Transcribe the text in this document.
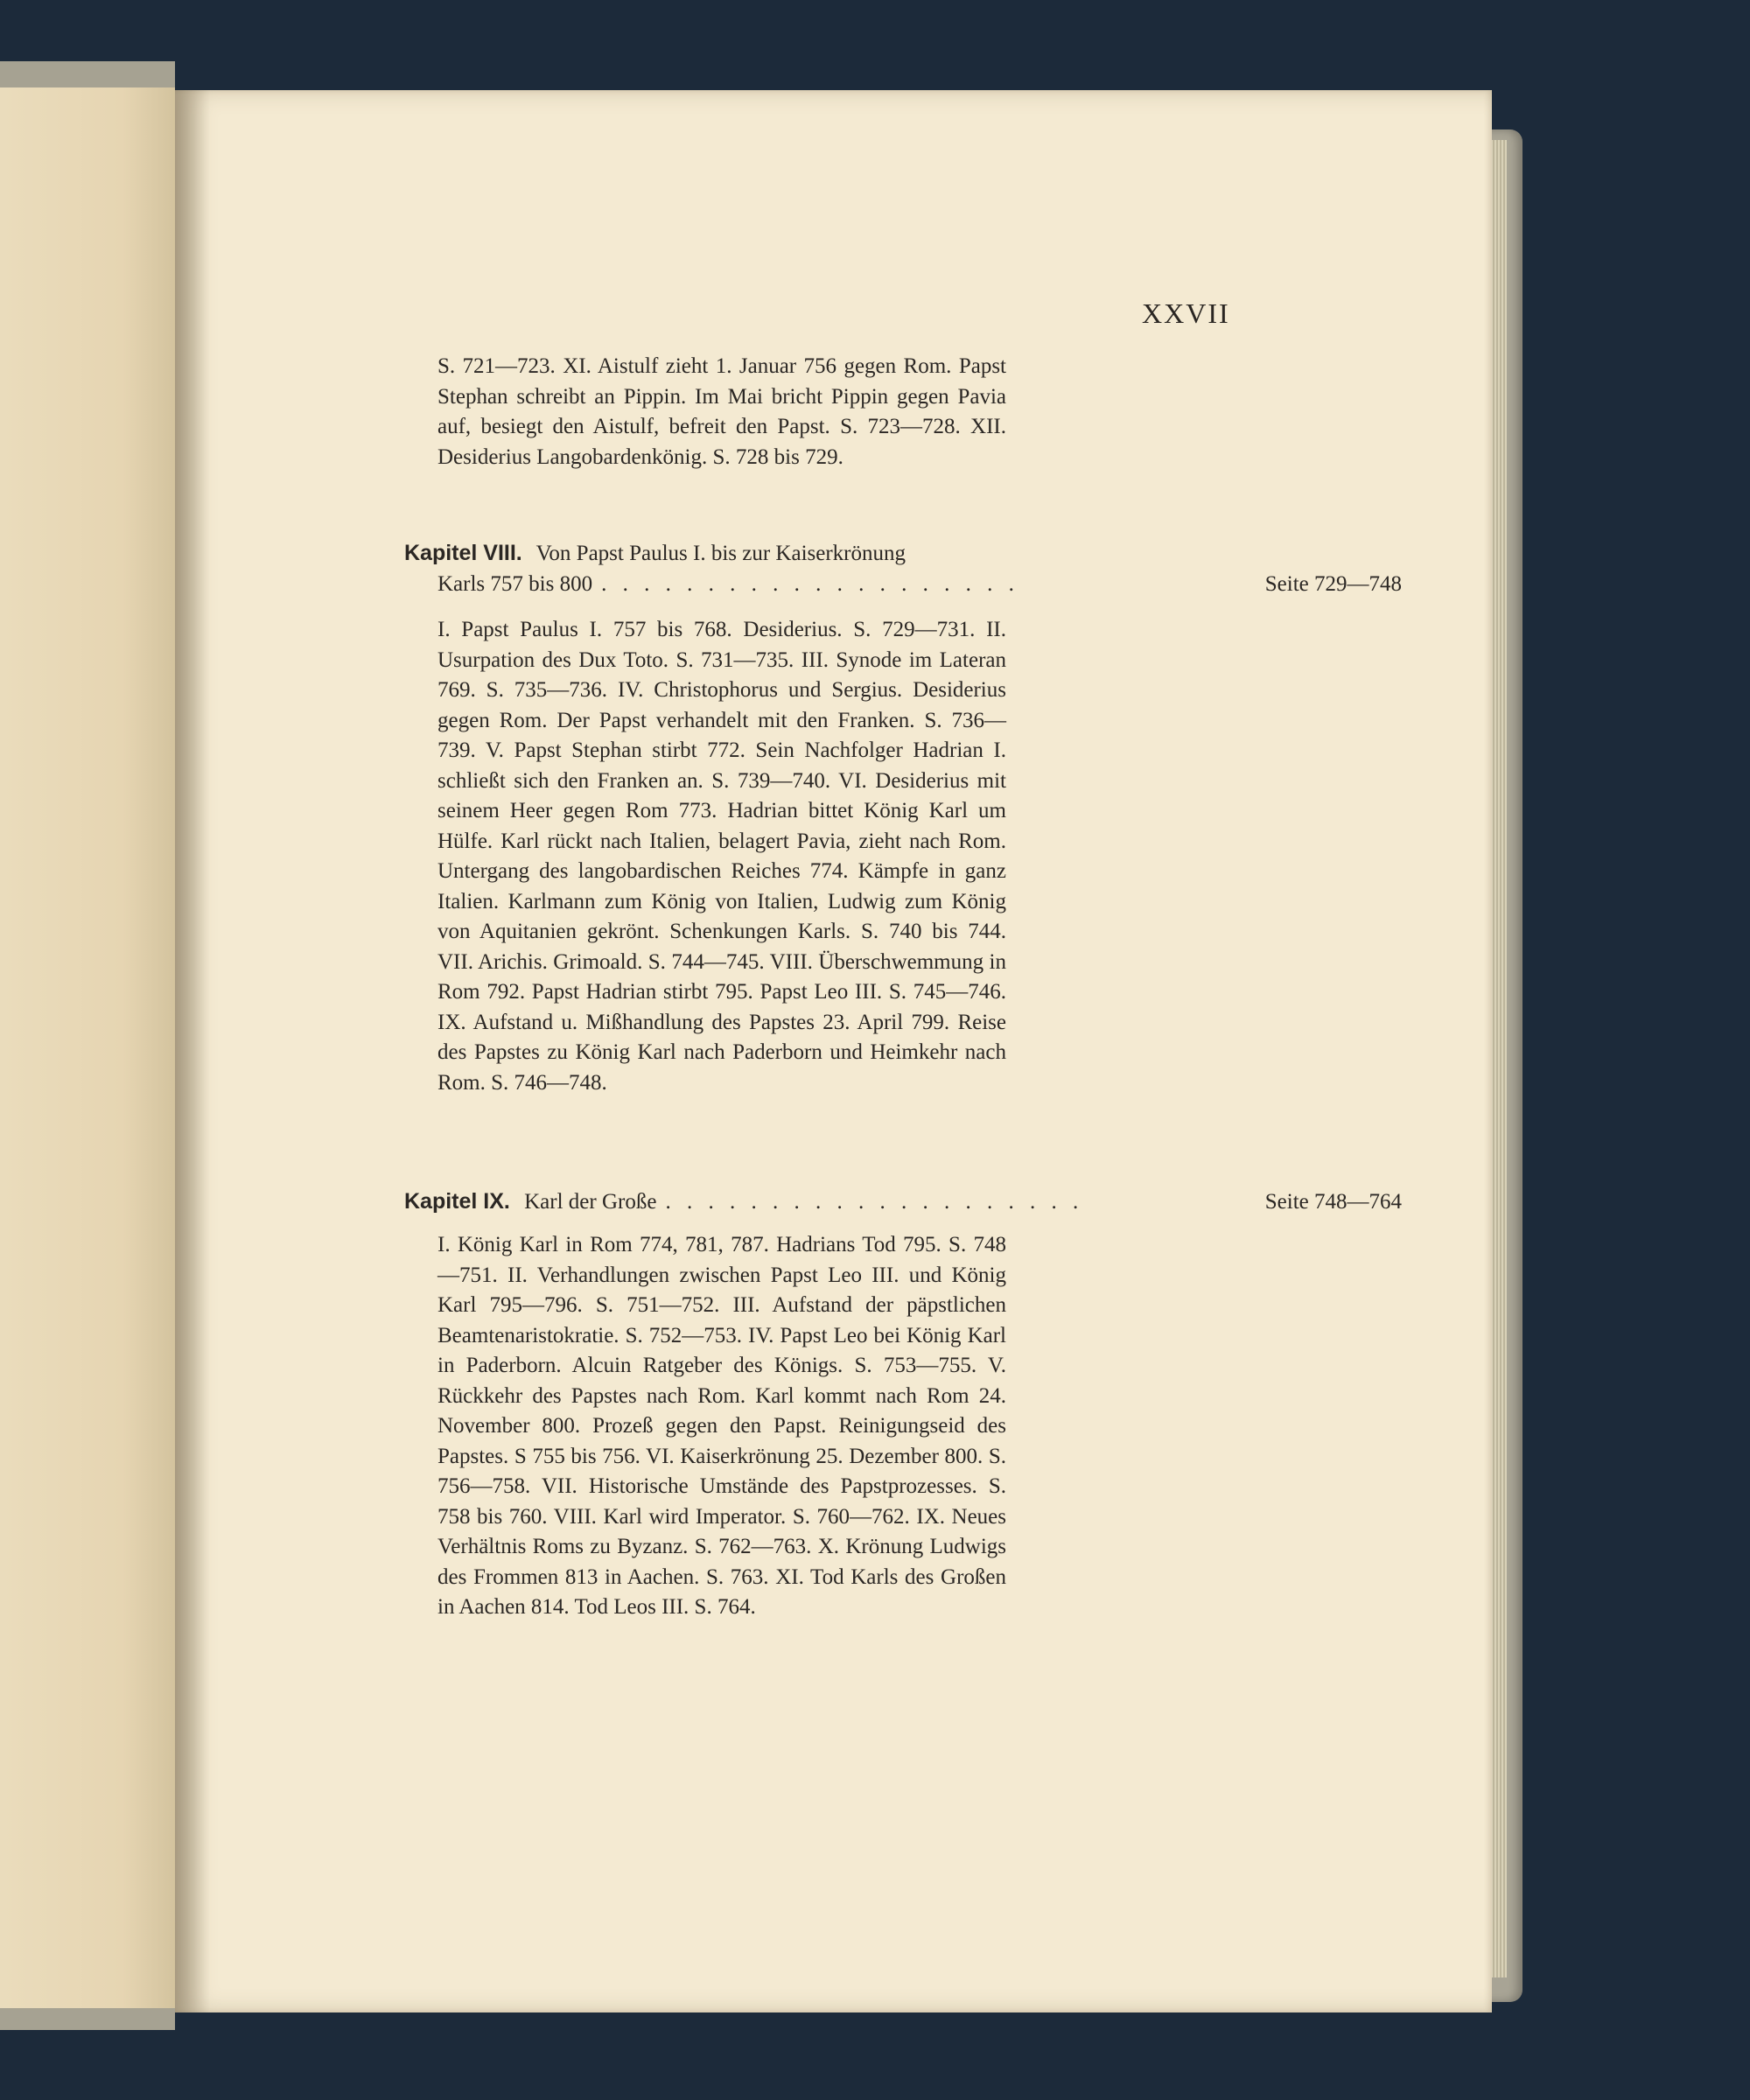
XXVII

S. 721—723. XI. Aistulf zieht 1. Januar 756 gegen Rom. Papst Stephan schreibt an Pippin. Im Mai bricht Pippin gegen Pavia auf, besiegt den Aistulf, befreit den Papst. S. 723—728. XII. Desiderius Langobardenkönig. S. 728 bis 729.

Kapitel VIII. Von Papst Paulus I. bis zur Kaiserkrönung
Karls 757 bis 800 . . . . . . . . . . . . . . . . . . . .	Seite 729—748

I. Papst Paulus I. 757 bis 768. Desiderius. S. 729—731. II. Usurpation des Dux Toto. S. 731—735. III. Synode im Lateran 769. S. 735—736. IV. Christophorus und Sergius. Desiderius gegen Rom. Der Papst verhandelt mit den Franken. S. 736—739. V. Papst Stephan stirbt 772. Sein Nachfolger Hadrian I. schließt sich den Franken an. S. 739—740. VI. Desiderius mit seinem Heer gegen Rom 773. Hadrian bittet König Karl um Hülfe. Karl rückt nach Italien, belagert Pavia, zieht nach Rom. Untergang des langobardischen Reiches 774. Kämpfe in ganz Italien. Karlmann zum König von Italien, Ludwig zum König von Aquitanien gekrönt. Schenkungen Karls. S. 740 bis 744. VII. Arichis. Grimoald. S. 744—745. VIII. Überschwemmung in Rom 792. Papst Hadrian stirbt 795. Papst Leo III. S. 745—746. IX. Aufstand u. Mißhandlung des Papstes 23. April 799. Reise des Papstes zu König Karl nach Paderborn und Heimkehr nach Rom. S. 746—748.

Kapitel IX. Karl der Große . . . . . . . . . . . . . . . . . . . .	Seite 748—764

I. König Karl in Rom 774, 781, 787. Hadrians Tod 795. S. 748—751. II. Verhandlungen zwischen Papst Leo III. und König Karl 795—796. S. 751—752. III. Aufstand der päpstlichen Beamtenaristokratie. S. 752—753. IV. Papst Leo bei König Karl in Paderborn. Alcuin Ratgeber des Königs. S. 753—755. V. Rückkehr des Papstes nach Rom. Karl kommt nach Rom 24. November 800. Prozeß gegen den Papst. Reinigungseid des Papstes. S 755 bis 756. VI. Kaiserkrönung 25. Dezember 800. S. 756—758. VII. Historische Umstände des Papstprozesses. S. 758 bis 760. VIII. Karl wird Imperator. S. 760—762. IX. Neues Verhältnis Roms zu Byzanz. S. 762—763. X. Krönung Ludwigs des Frommen 813 in Aachen. S. 763. XI. Tod Karls des Großen in Aachen 814. Tod Leos III. S. 764.
